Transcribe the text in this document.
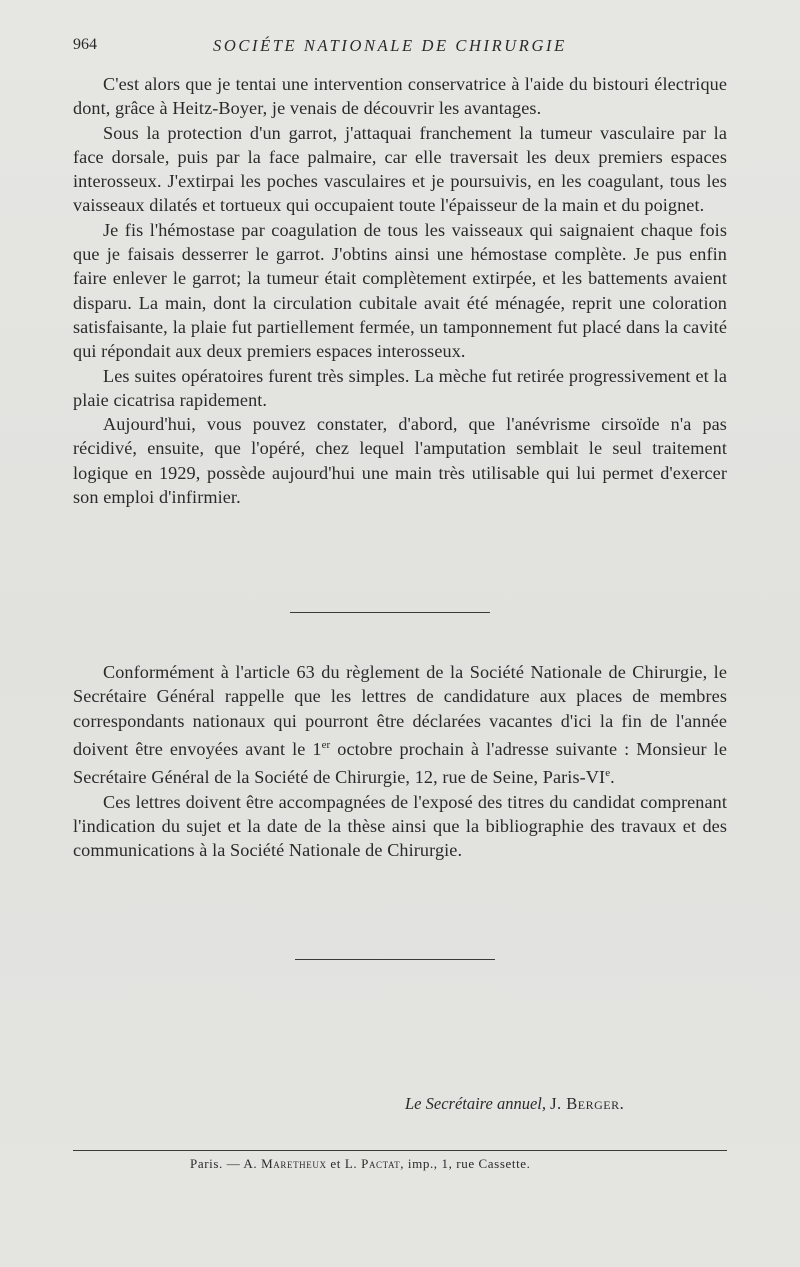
964	SOCIÉTE NATIONALE DE CHIRURGIE

C'est alors que je tentai une intervention conservatrice à l'aide du bistouri électrique dont, grâce à Heitz-Boyer, je venais de découvrir les avantages.

Sous la protection d'un garrot, j'attaquai franchement la tumeur vasculaire par la face dorsale, puis par la face palmaire, car elle traversait les deux premiers espaces interosseux. J'extirpai les poches vasculaires et je poursuivis, en les coagulant, tous les vaisseaux dilatés et tortueux qui occupaient toute l'épaisseur de la main et du poignet.

Je fis l'hémostase par coagulation de tous les vaisseaux qui saignaient chaque fois que je faisais desserrer le garrot. J'obtins ainsi une hémostase complète. Je pus enfin faire enlever le garrot; la tumeur était complètement extirpée, et les battements avaient disparu. La main, dont la circulation cubitale avait été ménagée, reprit une coloration satisfaisante, la plaie fut partiellement fermée, un tamponnement fut placé dans la cavité qui répondait aux deux premiers espaces interosseux.

Les suites opératoires furent très simples. La mèche fut retirée progressivement et la plaie cicatrisa rapidement.

Aujourd'hui, vous pouvez constater, d'abord, que l'anévrisme cirsoïde n'a pas récidivé, ensuite, que l'opéré, chez lequel l'amputation semblait le seul traitement logique en 1929, possède aujourd'hui une main très utilisable qui lui permet d'exercer son emploi d'infirmier.

Conformément à l'article 63 du règlement de la Société Nationale de Chirurgie, le Secrétaire Général rappelle que les lettres de candidature aux places de membres correspondants nationaux qui pourront être déclarées vacantes d'ici la fin de l'année doivent être envoyées avant le 1er octobre prochain à l'adresse suivante : Monsieur le Secrétaire Général de la Société de Chirurgie, 12, rue de Seine, Paris-VIe.

Ces lettres doivent être accompagnées de l'exposé des titres du candidat comprenant l'indication du sujet et la date de la thèse ainsi que la bibliographie des travaux et des communications à la Société Nationale de Chirurgie.

Le Secrétaire annuel, J. Berger.
Paris. — A. Maretheux et L. Pactat, imp., 1, rue Cassette.
